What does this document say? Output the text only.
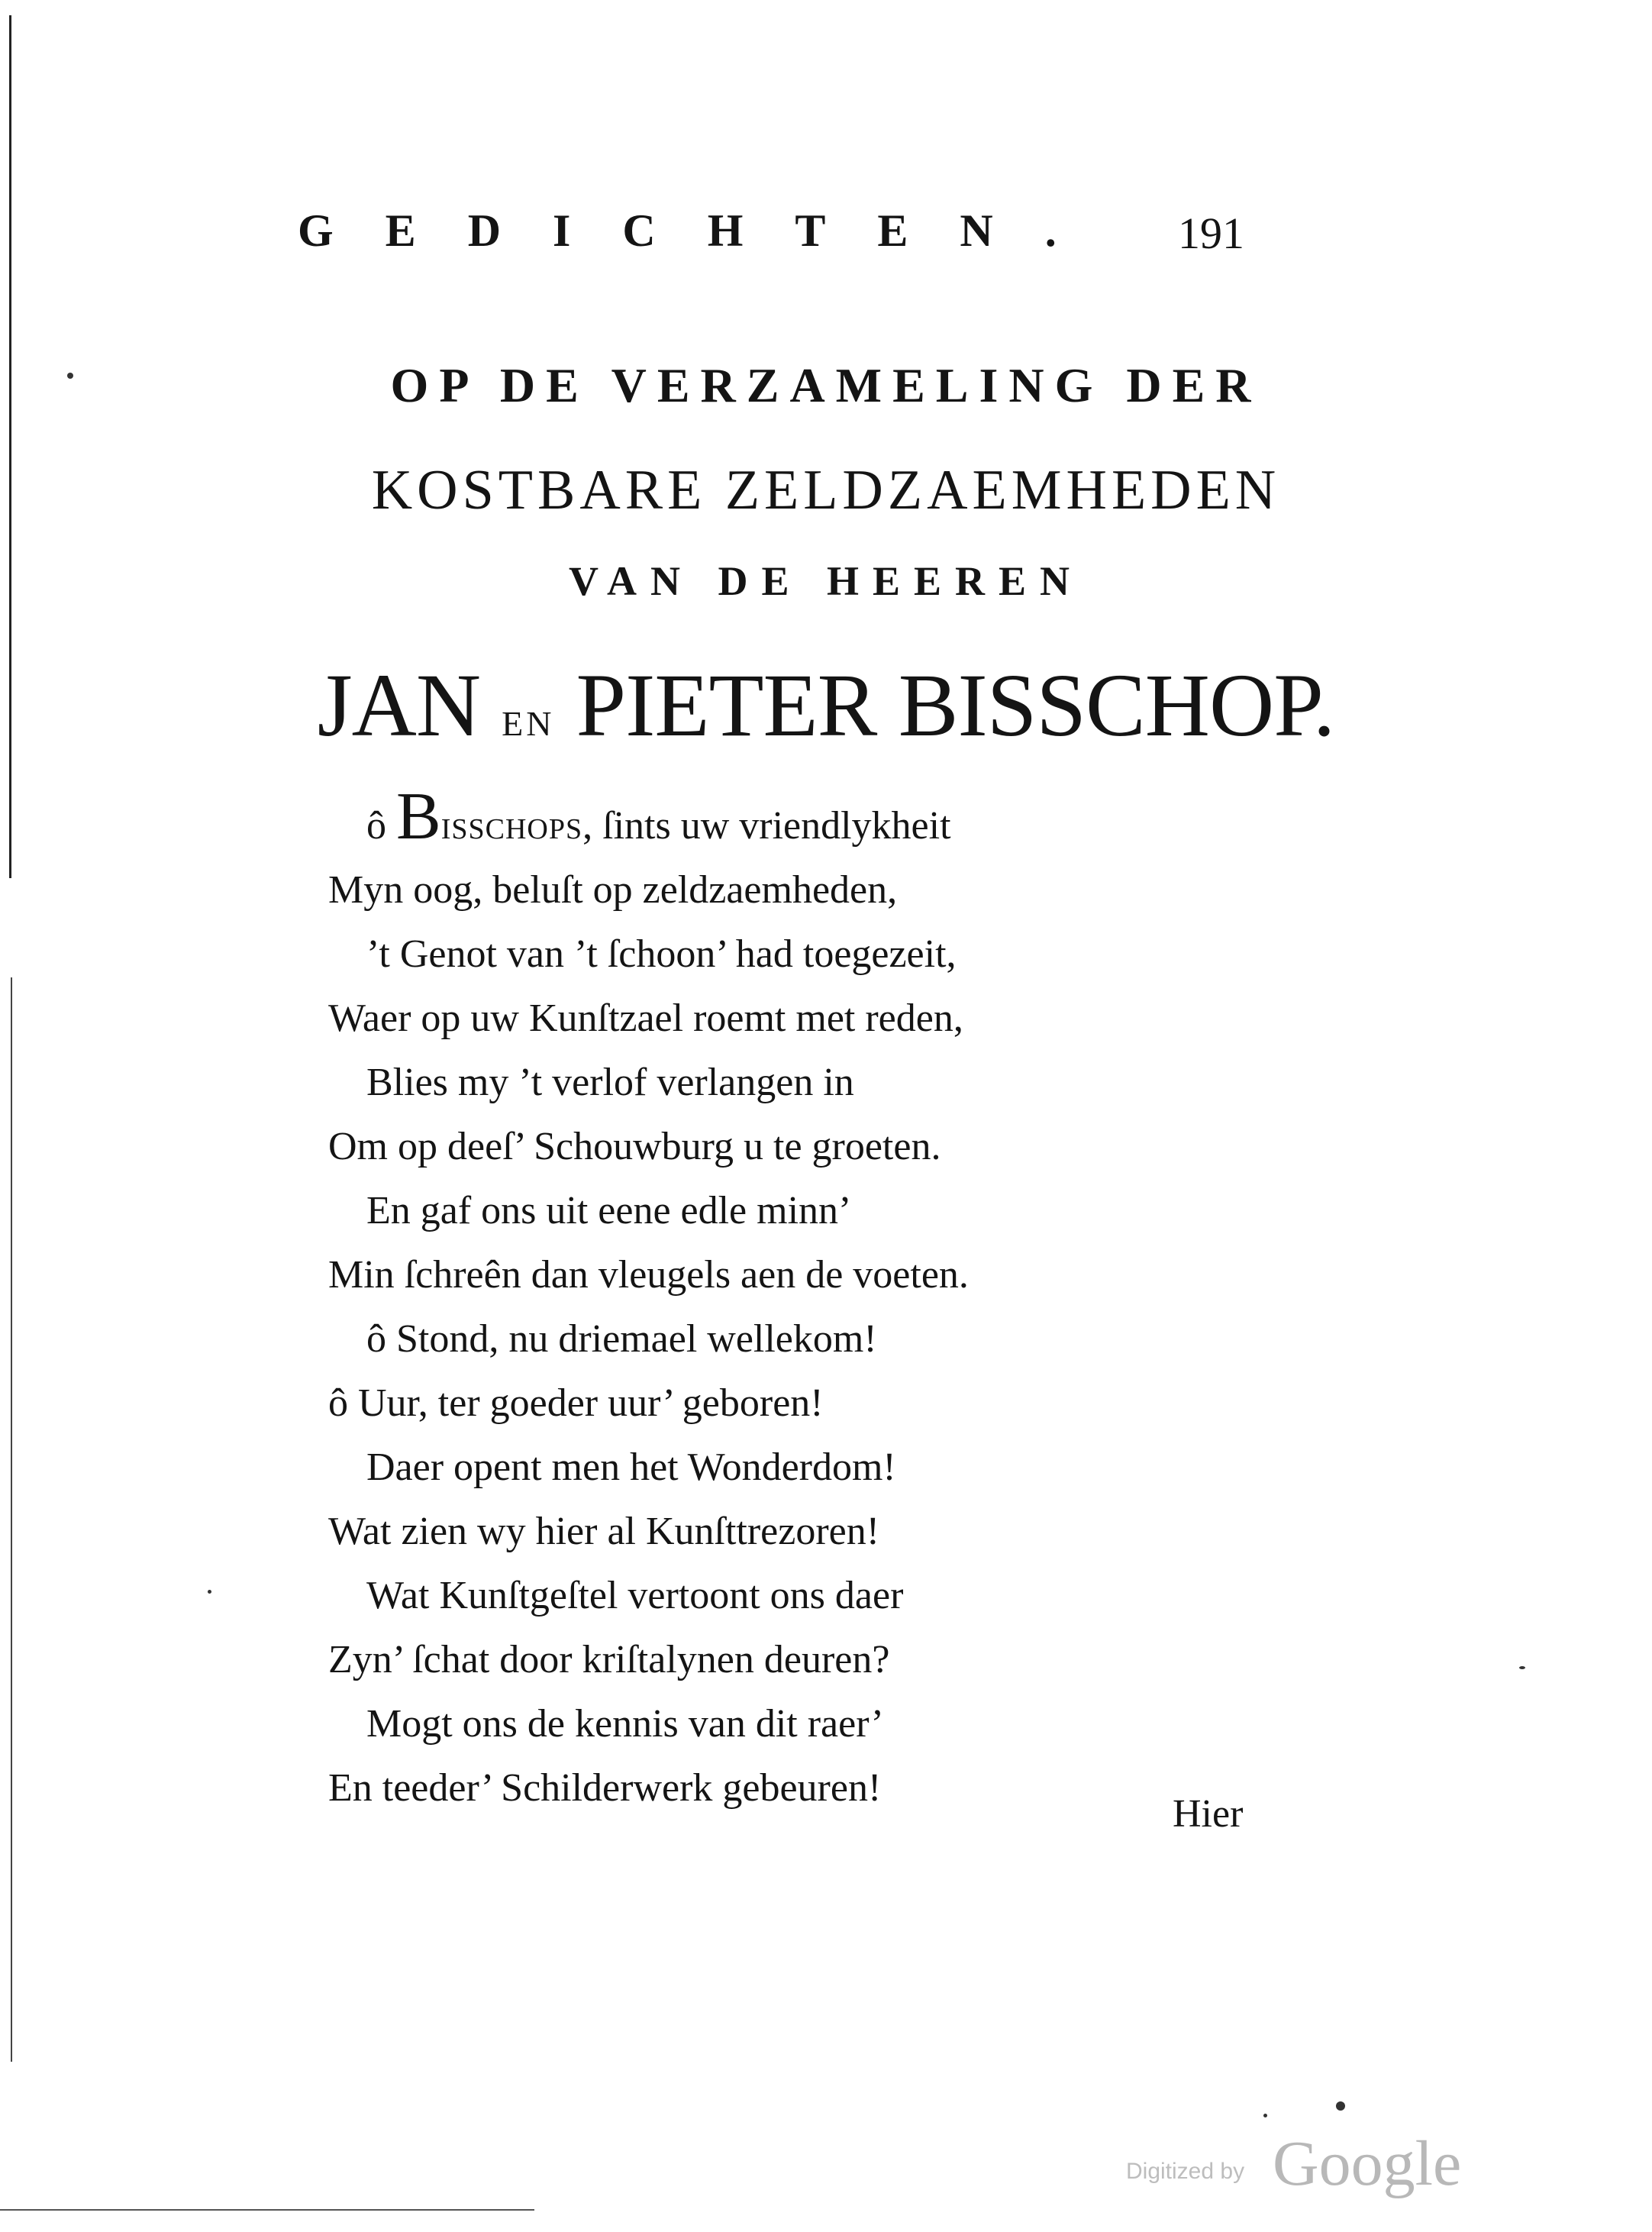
GEDICHTEN. 191
OP DE VERZAMELING DER
KOSTBARE ZELDZAEMHEDEN
VAN DE HEEREN
JAN EN PIETER BISSCHOP.
ô BISSCHOPS, ſints uw vriendlykheit
Myn oog, beluſt op zeldzaemheden,
’t Genot van ’t ſchoon’ had toegezeit,
Waer op uw Kunſtzael roemt met reden,
Blies my ’t verlof verlangen in
Om op deeſ’ Schouwburg u te groeten.
En gaf ons uit eene edle minn’
Min ſchreên dan vleugels aen de voeten.
ô Stond, nu driemael wellekom!
ô Uur, ter goeder uur’ geboren!
Daer opent men het Wonderdom!
Wat zien wy hier al Kunſttrezoren!
Wat Kunſtgeſtel vertoont ons daer
Zyn’ ſchat door kriſtalynen deuren?
Mogt ons de kennis van dit raer’
En teeder’ Schilderwerk gebeuren!
Hier
Digitized by Google
